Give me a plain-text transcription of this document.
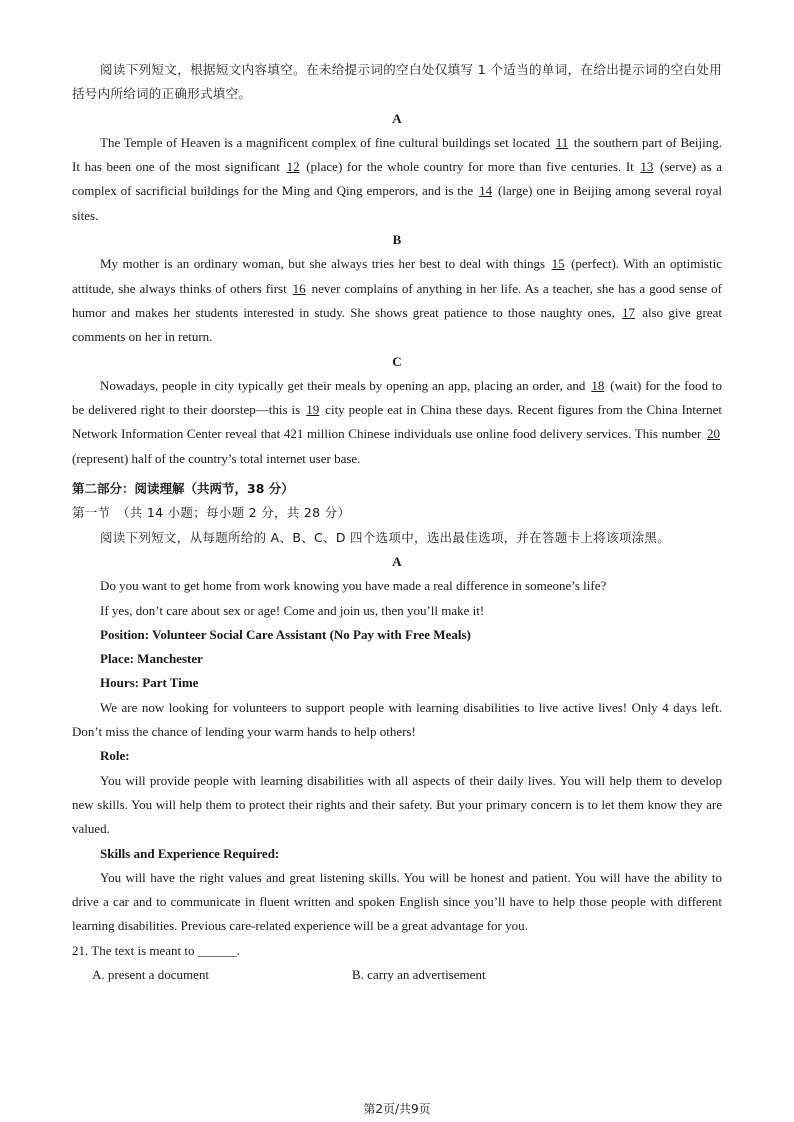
阅读下列短文，根据短文内容填空。在未给提示词的空白处仅填写 1 个适当的单词，在给出提示词的空白处用括号内所给词的正确形式填空。

A

The Temple of Heaven is a magnificent complex of fine cultural buildings set located 11 the southern part of Beijing. It has been one of the most significant 12 (place) for the whole country for more than five centuries. It 13 (serve) as a complex of sacrificial buildings for the Ming and Qing emperors, and is the 14 (large) one in Beijing among several royal sites.

B

My mother is an ordinary woman, but she always tries her best to deal with things 15 (perfect). With an optimistic attitude, she always thinks of others first 16 never complains of anything in her life. As a teacher, she has a good sense of humor and makes her students interested in study. She shows great patience to those naughty ones, 17 also give great comments on her in return.

C

Nowadays, people in city typically get their meals by opening an app, placing an order, and 18 (wait) for the food to be delivered right to their doorstep—this is 19 city people eat in China these days. Recent figures from the China Internet Network Information Center reveal that 421 million Chinese individuals use online food delivery services. This number 20 (represent) half of the country’s total internet user base.

第二部分：阅读理解（共两节，38 分）

第一节　（共 14 小题；每小题 2 分，共 28 分）

阅读下列短文，从每题所给的 A、B、C、D 四个选项中，选出最佳选项，并在答题卡上将该项涂黑。

A

Do you want to get home from work knowing you have made a real difference in someone’s life?

If yes, don’t care about sex or age! Come and join us, then you’ll make it!

Position: Volunteer Social Care Assistant (No Pay with Free Meals)

Place: Manchester

Hours: Part Time

We are now looking for volunteers to support people with learning disabilities to live active lives! Only 4 days left. Don’t miss the chance of lending your warm hands to help others!

Role:

You will provide people with learning disabilities with all aspects of their daily lives. You will help them to develop new skills. You will help them to protect their rights and their safety. But your primary concern is to let them know they are valued.

Skills and Experience Required:

You will have the right values and great listening skills. You will be honest and patient. You will have the ability to drive a car and to communicate in fluent written and spoken English since you’ll have to help those people with different learning disabilities. Previous care-related experience will be a great advantage for you.

21. The text is meant to ______.

A. present a document	B. carry an advertisement
第2页/共9页
